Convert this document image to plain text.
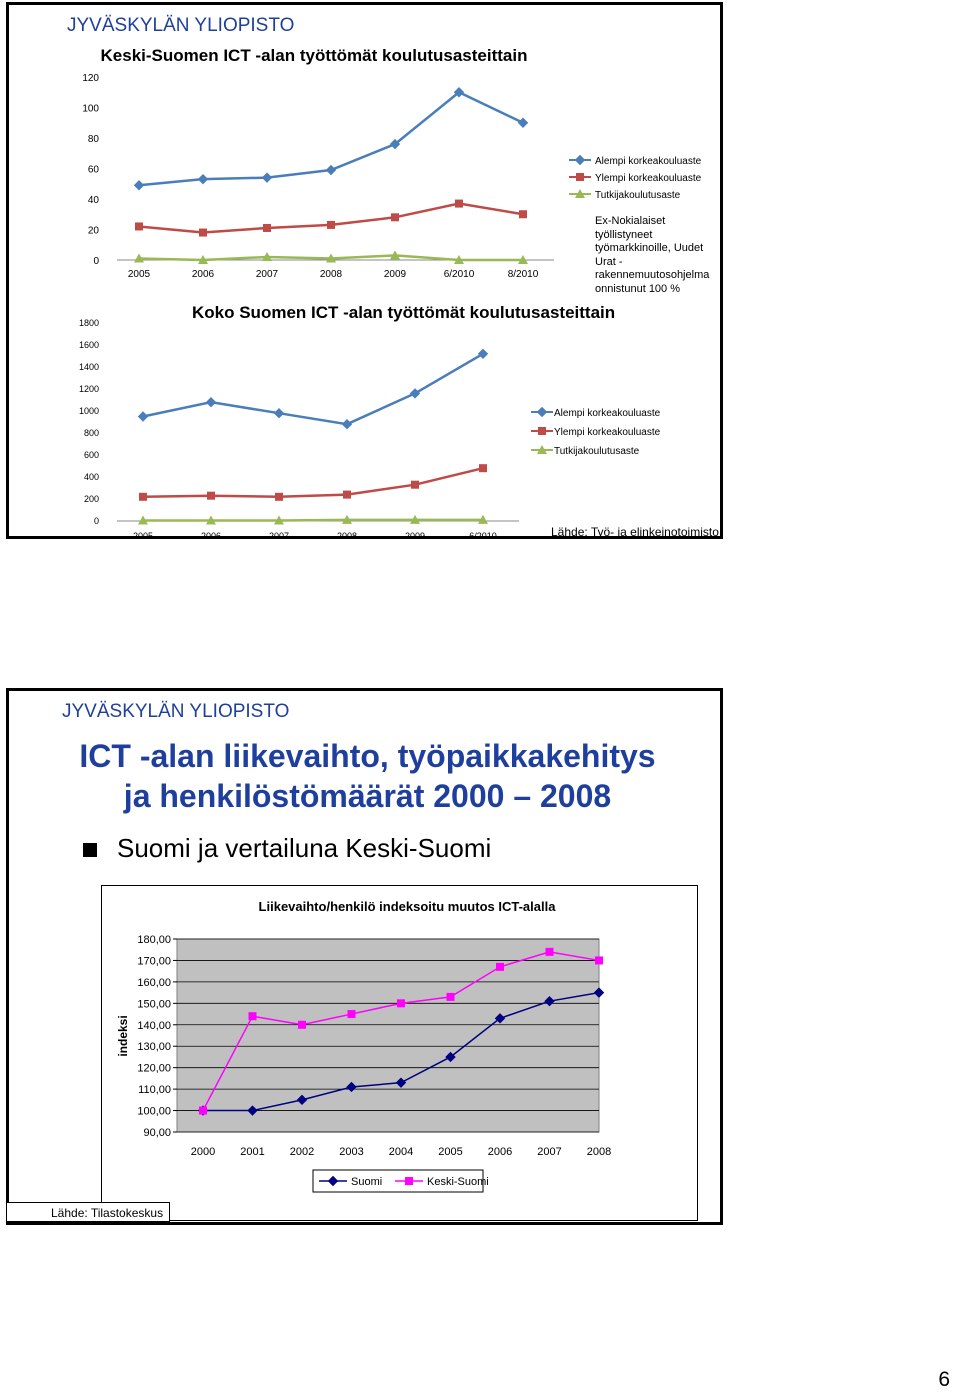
JYVÄSKYLÄN YLIOPISTO
0
20
40
60
80
100
120
2005	2006	2007	2008	2009	6/2010	8/2010
Keski-Suomen ICT -alan työttömät koulutusasteittain
Alempi korkeakouluaste
Ylempi korkeakouluaste
Tutkijakoulutusaste
0
200
400
600
800
1000
1200
1400
1600
1800
2005	2006	2007	2008	2009	6/2010
Koko Suomen ICT -alan työttömät koulutusasteittain
Alempi korkeakouluaste
Ylempi korkeakouluaste
Tutkijakoulutusaste
Ex-Nokialaiset työllistyneet työmarkkinoille, Uudet Urat - rakennemuutosohjelma onnistunut 100 %
Lähde: Työ- ja elinkeinotoimisto
JYVÄSKYLÄN YLIOPISTO
ICT -alan liikevaihto, työpaikkakehitys
ja henkilöstömäärät 2000 – 2008
Suomi ja vertailuna Keski-Suomi
90,00
100,00
110,00
120,00
130,00
140,00
150,00
160,00
170,00
180,00
indeksi
Liikevaihto/henkilö indeksoitu muutos ICT-alalla
2000 2001 2002 2003 2004 2005 2006 2007 2008
Suomi	Keski-Suomi
Lähde: Tilastokeskus
6
